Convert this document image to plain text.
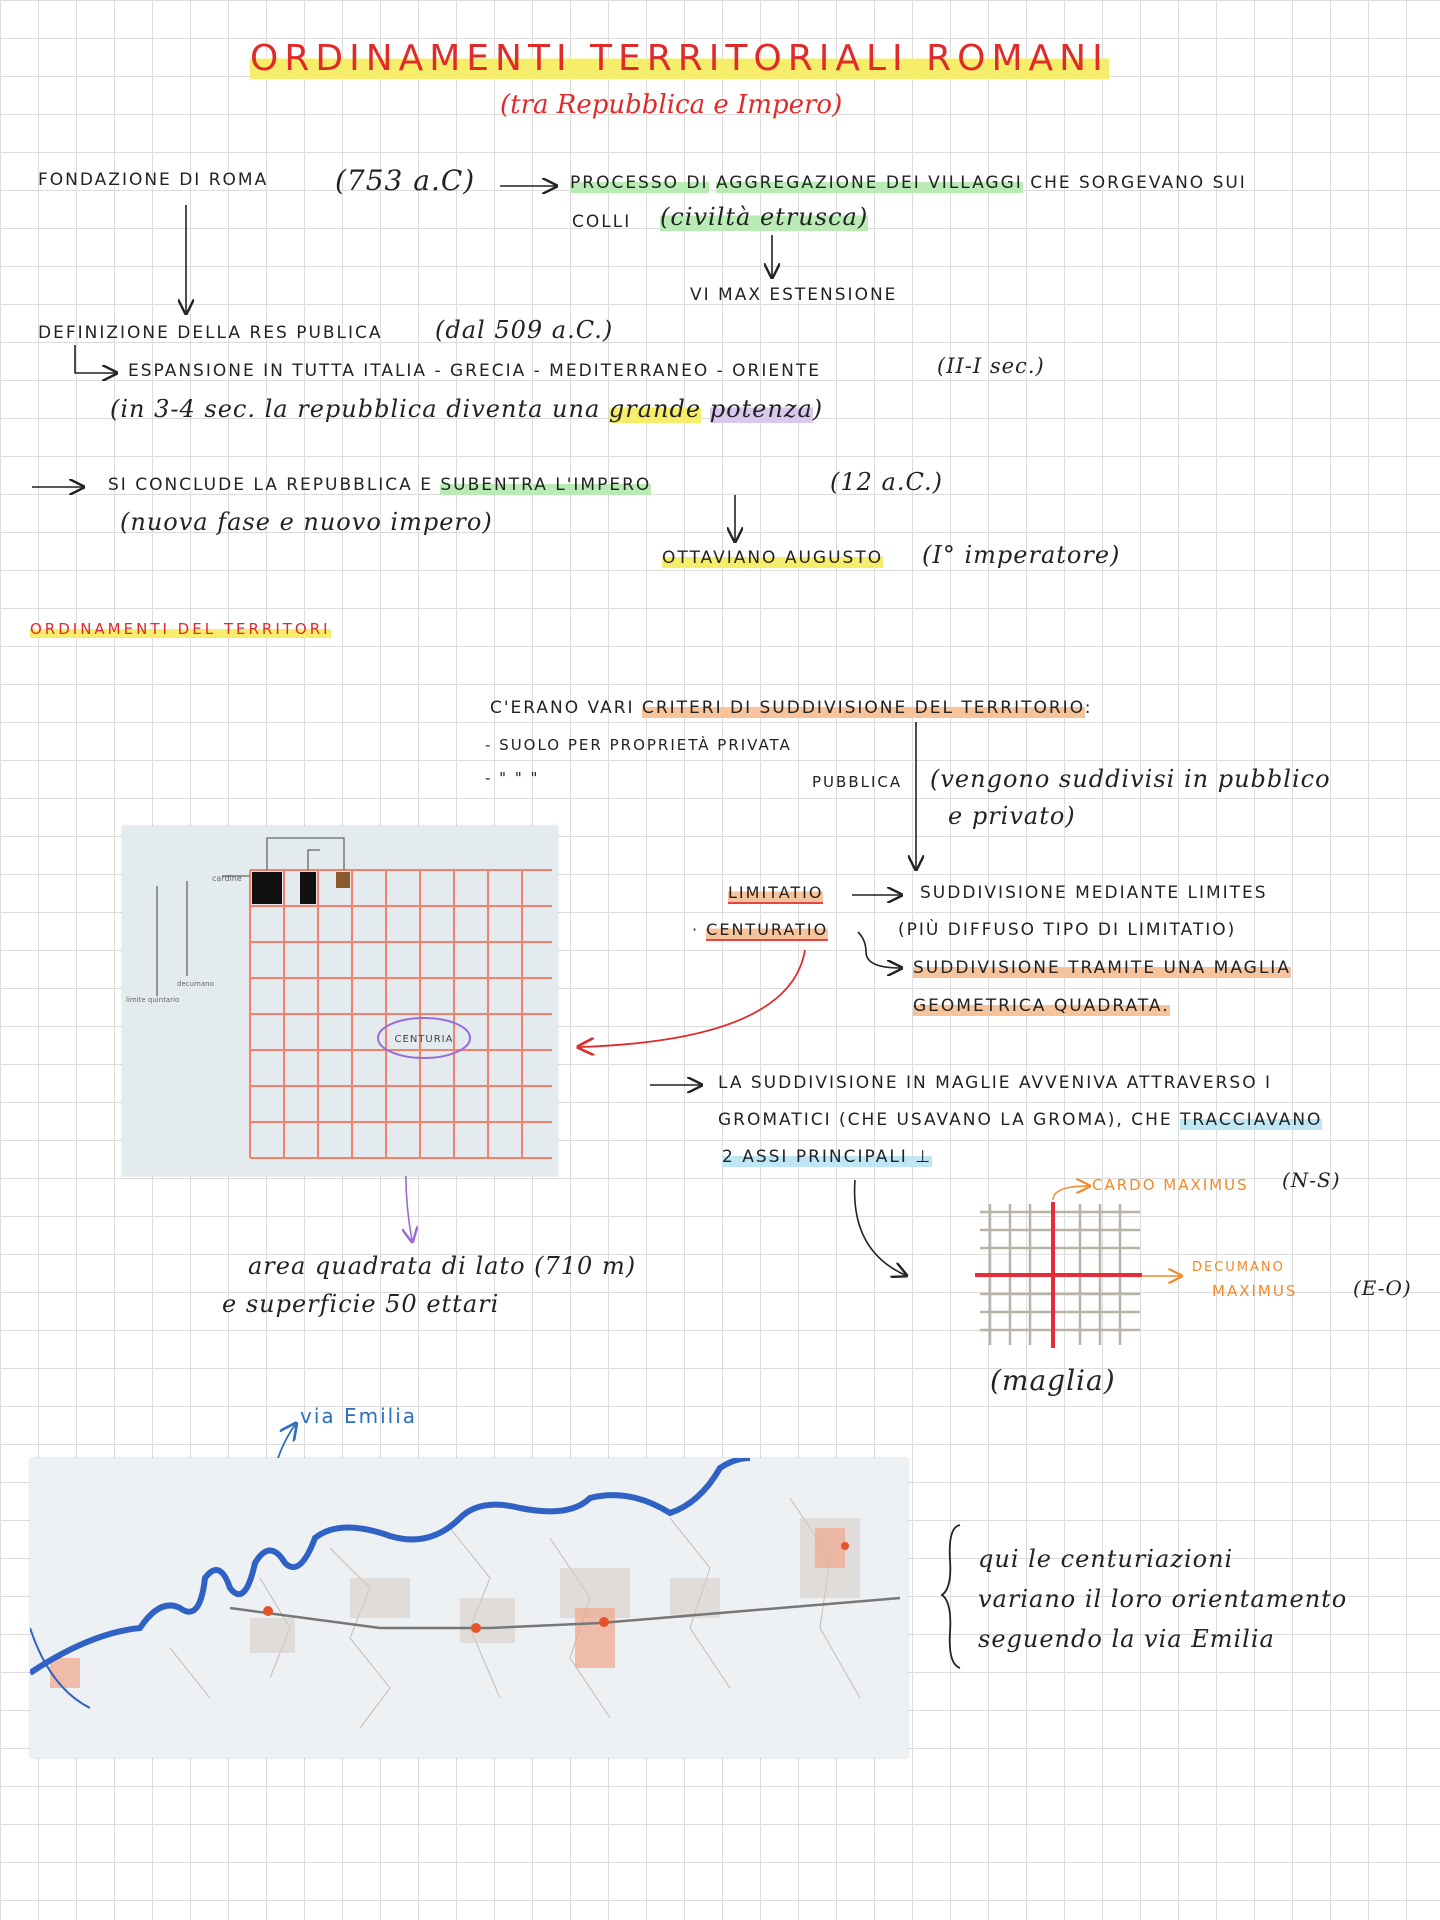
ORDINAMENTI TERRITORIALI ROMANI
(tra Repubblica e Impero)
FONDAZIONE DI ROMA (753 a.C)	PROCESSO DI AGGREGAZIONE DEI VILLAGGI CHE SORGEVANO SUI
COLLI (civiltà etrusca)
VI MAX ESTENSIONE
DEFINIZIONE DELLA RES PUBLICA (dal 509 a.C.)
ESPANSIONE IN TUTTA ITALIA - GRECIA - MEDITERRANEO - ORIENTE	(II-I sec.)
(in 3-4 sec. la repubblica diventa una grande potenza)
SI CONCLUDE LA REPUBBLICA E SUBENTRA L'IMPERO	(12 a.C.)
(nuova fase e nuovo impero)
OTTAVIANO AUGUSTO (I° imperatore)
ORDINAMENTI DEL TERRITORI
C'ERANO VARI CRITERI DI SUDDIVISIONE DEL TERRITORIO:
- SUOLO PER PROPRIETÀ PRIVATA
- " " "	PUBBLICA (vengono suddivisi in pubblico
e privato)
LIMITATIO	SUDDIVISIONE MEDIANTE LIMITES
· CENTURATIO	(PIÙ DIFFUSO TIPO DI LIMITATIO)
SUDDIVISIONE TRAMITE UNA MAGLIA
GEOMETRICA QUADRATA.
cardine
decumano
limite quintario
CENTURIA
area quadrata di lato (710 m)
e superficie 50 ettari
LA SUDDIVISIONE IN MAGLIE AVVENIVA ATTRAVERSO I
GROMATICI (CHE USAVANO LA GROMA), CHE TRACCIAVANO
2 ASSI PRINCIPALI ⊥
CARDO MAXIMUS (N-S)
DECUMANO
MAXIMUS	(E-O)
(maglia)
via Emilia
qui le centuriazioni
variano il loro orientamento
seguendo la via Emilia
